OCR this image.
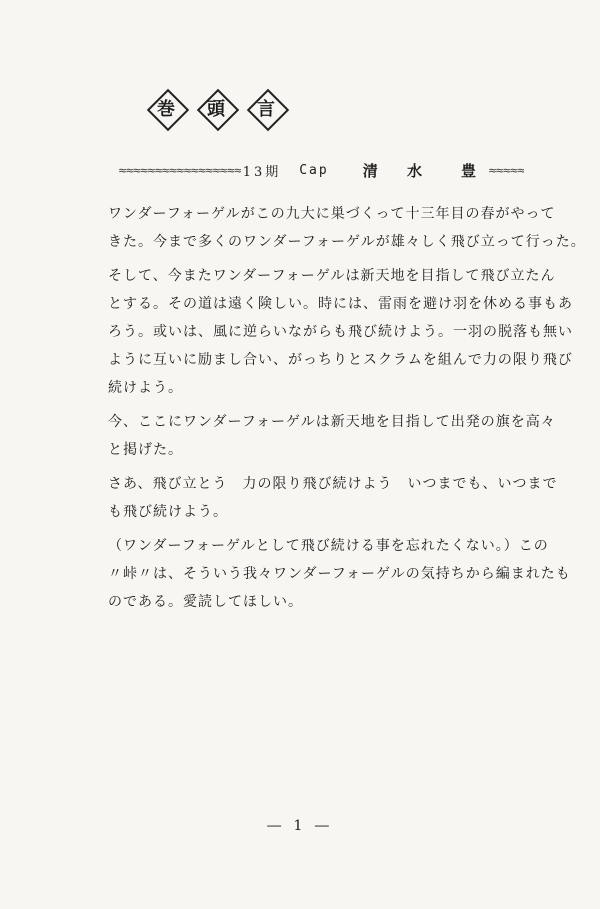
巻	頭	言
≈≈≈≈≈≈≈≈≈≈≈≈≈≈≈≈≈ 13期 Cap 清 水　豊 ≈≈≈≈≈
ワンダーフォーゲルがこの九大に巣づくって十三年目の春がやって
きた。今まで多くのワンダーフォーゲルが雄々しく飛び立って行った。
そして、今またワンダーフォーゲルは新天地を目指して飛び立たん
とする。その道は遠く険しい。時には、雷雨を避け羽を休める事もあ
ろう。或いは、風に逆らいながらも飛び続けよう。一羽の脱落も無い
ように互いに励まし合い、がっちりとスクラムを組んで力の限り飛び
続けよう。
今、ここにワンダーフォーゲルは新天地を目指して出発の旗を高々
と掲げた。
さあ、飛び立とう　力の限り飛び続けよう　いつまでも、いつまで
も飛び続けよう。
（ワンダーフォーゲルとして飛び続ける事を忘れたくない。）この
〃峠〃は、そういう我々ワンダーフォーゲルの気持ちから編まれたも
のである。愛読してほしい。
― 1 ―
